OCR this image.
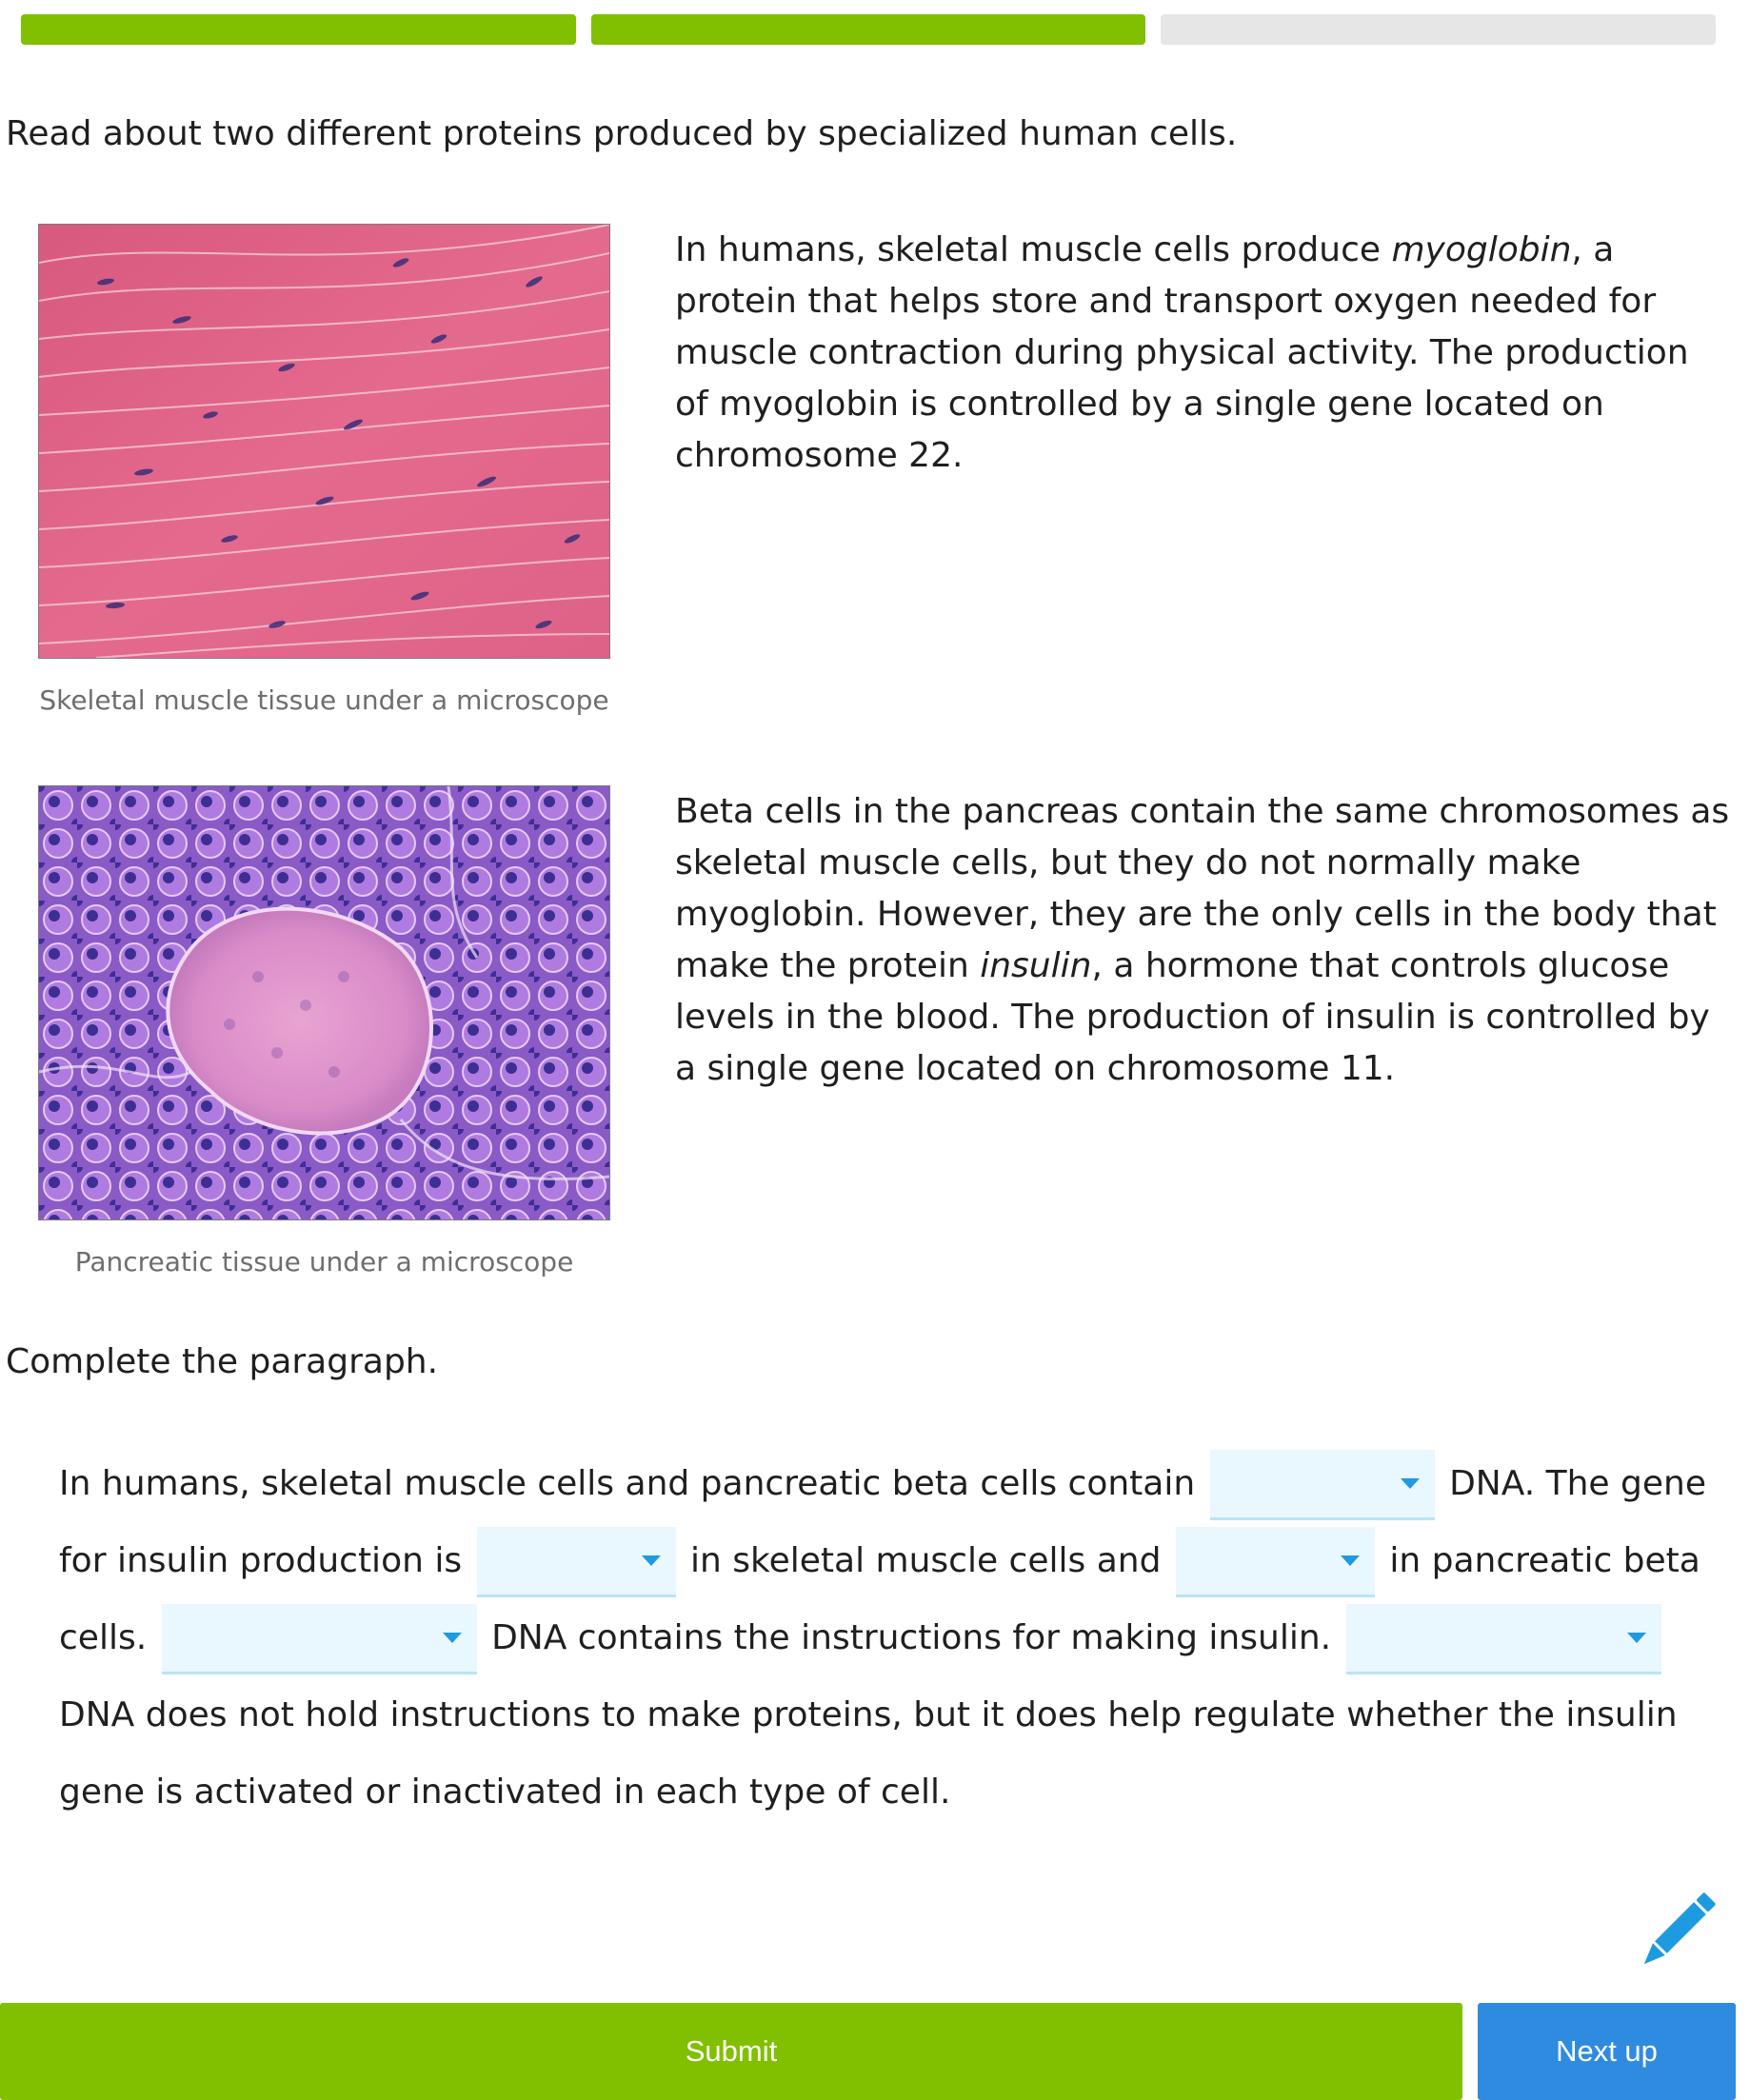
Read about two different proteins produced by specialized human cells.

Skeletal muscle tissue under a microscope

In humans, skeletal muscle cells produce myoglobin, a protein that helps store and transport oxygen needed for muscle contraction during physical activity. The production of myoglobin is controlled by a single gene located on chromosome 22.

Pancreatic tissue under a microscope

Beta cells in the pancreas contain the same chromosomes as skeletal muscle cells, but they do not normally make myoglobin. However, they are the only cells in the body that make the protein insulin, a hormone that controls glucose levels in the blood. The production of insulin is controlled by a single gene located on chromosome 11.

Complete the paragraph.

In humans, skeletal muscle cells and pancreatic beta cells contain	DNA. The gene for insulin production is	in skeletal muscle cells and	in pancreatic beta cells.	DNA contains the instructions for making insulin.
DNA does not hold instructions to make proteins, but it does help regulate whether the insulin gene is activated or inactivated in each type of cell.
Submit	Next up
